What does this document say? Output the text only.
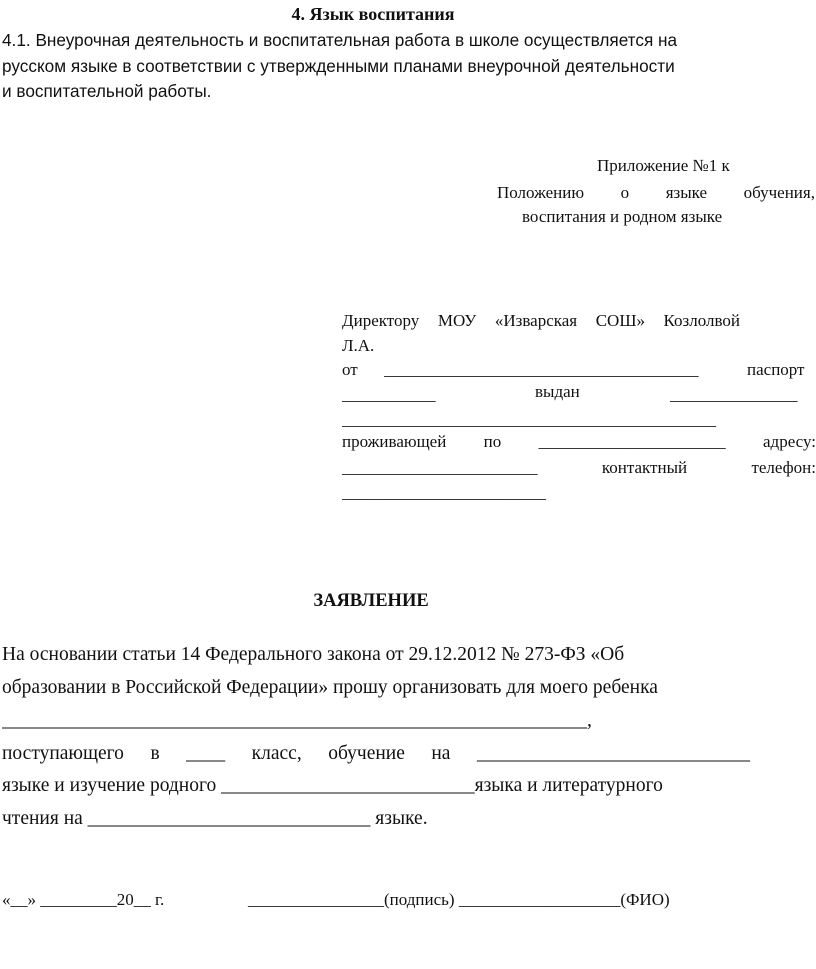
4. Язык воспитания
4.1. Внеурочная деятельность и воспитательная работа в школе осуществляется на
русском языке в соответствии с утвержденными планами внеурочной деятельности
и воспитательной работы.
Приложение №1 к
Положению о языке обучения,
воспитания и родном языке
Директору МОУ «Изварская СОШ» Козлолвой
Л.А.
от _____________________________________	паспорт
___________	выдан	_______________
____________________________________________
проживающей по ______________________ адресу:
_______________________	контактный	телефон:
________________________
ЗАЯВЛЕНИЕ
На основании статьи 14 Федерального закона от 29.12.2012 № 273-ФЗ «Об
образовании в Российской Федерации» прошу организовать для моего ребенка
____________________________________________________________,
поступающего в ____ класс, обучение на ____________________________
языке и изучение родного __________________________языка и литературного
чтения на _____________________________ языке.
«__» _________20__ г.	________________(подпись) ___________________(ФИО)
